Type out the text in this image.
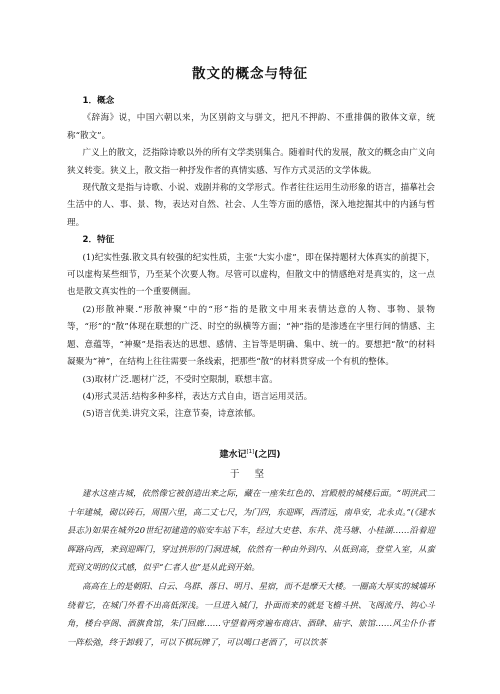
散文的概念与特征
1．概念

《辞海》说，中国六朝以来，为区别韵文与骈文，把凡不押韵、不重排偶的散体文章，统称“散文”。

广义上的散文，泛指除诗歌以外的所有文学类别集合。随着时代的发展，散文的概念由广义向狭义转变。狭义上，散文指一种抒发作者的真情实感、写作方式灵活的文学体裁。

现代散文是指与诗歌、小说、戏剧并称的文学形式。作者往往运用生动形象的语言，描摹社会生活中的人、事、景、物，表达对自然、社会、人生等方面的感悟，深入地挖掘其中的内涵与哲理。

2．特征

(1)纪实性强.散文具有较强的纪实性质，主张“大实小虚”，即在保持题材大体真实的前提下，可以虚构某些细节，乃至某个次要人物。尽管可以虚构，但散文中的情感绝对是真实的，这一点也是散文真实性的一个重要侧面。

(2)形散神聚.“形散神聚”中的“形”指的是散文中用来表情达意的人物、事物、景物等，“形”的“散”体现在联想的广泛、时空的纵横等方面；“神”指的是渗透在字里行间的情感、主题、意蕴等，“神聚”是指表达的思想、感情、主旨等是明确、集中、统一的。要想把“散”的材料凝聚为“神”，在结构上往往需要一条线索，把那些“散”的材料贯穿成一个有机的整体。

(3)取材广泛.题材广泛，不受时空限制，联想丰富。

(4)形式灵活.结构多种多样，表达方式自由，语言运用灵活。

(5)语言优美.讲究文采，注意节奏，诗意浓郁。

建水记[1](之四)
于 坚

建水这座古城，依然像它被创造出来之际，藏在一座朱红色的、宫殿般的城楼后面。“明洪武二十年建城，砌以砖石，周围六里，高二丈七尺，为门四，东迎晖，西清远，南阜安，北永贞。”(《建水县志》)如果在城外20世纪初建造的临安车站下车，经过大史巷、东井、洗马塘、小桂湖……沿着迎晖路向西，来到迎晖门，穿过拱形的门洞进城，依然有一种由外到内、从低到高，登堂入室，从蛮荒到文明的仪式感，似乎“仁者人也”是从此到开始。

高高在上的是朝阳、白云、鸟群、落日、明月、星宿，而不是摩天大楼。一圈高大厚实的城墙环绕着它，在城门外看不出高低深浅。一旦进入城门，扑面而来的就是飞檐斗拱、飞阁流丹、钩心斗角，楼台亭阁、酒旗食馆，朱门回廊……守望着两旁遍布商店、酒肆、庙宇、旅馆……风尘仆仆者一阵松弛，终于卸载了，可以下棋玩牌了，可以喝口老酒了，可以饮茶
